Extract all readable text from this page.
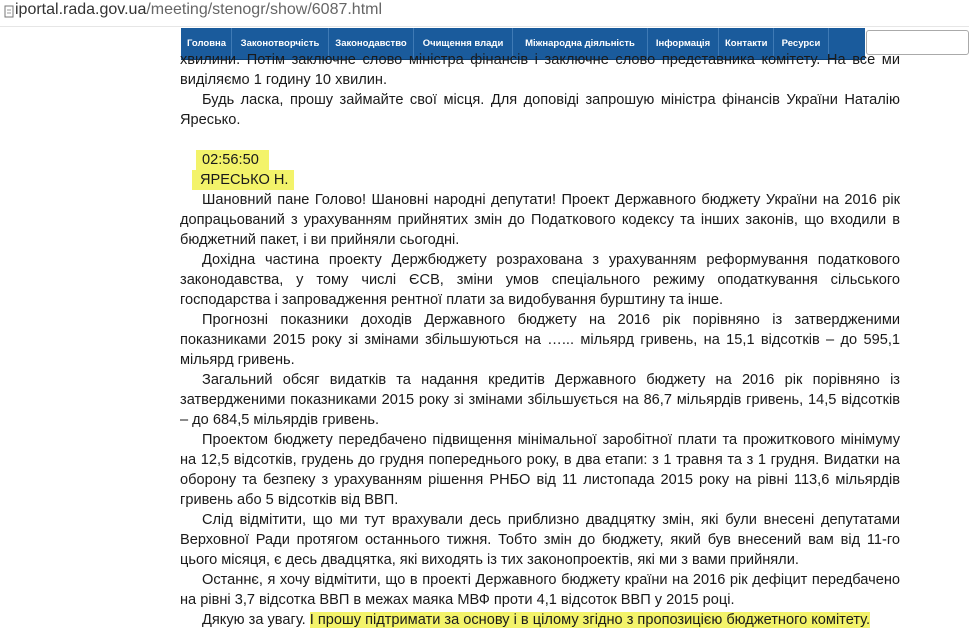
iportal.rada.gov.ua/meeting/stenogr/show/6087.html
Головна	Законотворчість	Законодавство	Очищення влади	Міжнародна діяльність	Інформація	Контакти	Ресурси

хвилини. Потім заключне слово міністра фінансів і заключне слово представника комітету. На все ми виділяємо 1 годину 10 хвилин.

Будь ласка, прошу займайте свої місця. Для доповіді запрошую міністра фінансів України Наталію Яресько.

02:56:50
ЯРЕСЬКО Н.

Шановний пане Голово! Шановні народні депутати! Проект Державного бюджету України на 2016 рік допрацьований з урахуванням прийнятих змін до Податкового кодексу та інших законів, що входили в бюджетний пакет, і ви прийняли сьогодні.

Дохідна частина проекту Держбюджету розрахована з урахуванням реформування податкового законодавства, у тому числі ЄСВ, зміни умов спеціального режиму оподаткування сільського господарства і запровадження рентної плати за видобування бурштину та інше.

Прогнозні показники доходів Державного бюджету на 2016 рік порівняно із затвердженими показниками 2015 року зі змінами збільшуються на …... мільярд гривень, на 15,1 відсотків – до 595,1 мільярд гривень.

Загальний обсяг видатків та надання кредитів Державного бюджету на 2016 рік порівняно із затвердженими показниками 2015 року зі змінами збільшується на 86,7 мільярдів гривень, 14,5 відсотків – до 684,5 мільярдів гривень.

Проектом бюджету передбачено підвищення мінімальної заробітної плати та прожиткового мінімуму на 12,5 відсотків, грудень до грудня попереднього року, в два етапи: з 1 травня та з 1 грудня. Видатки на оборону та безпеку з урахуванням рішення РНБО від 11 листопада 2015 року на рівні 113,6 мільярдів гривень або 5 відсотків від ВВП.

Слід відмітити, що ми тут врахували десь приблизно двадцятку змін, які були внесені депутатами Верховної Ради протягом останнього тижня. Тобто змін до бюджету, який був внесений вам від 11-го цього місяця, є десь двадцятка, які виходять із тих законопроектів, які ми з вами прийняли.

Останнє, я хочу відмітити, що в проекті Державного бюджету країни на 2016 рік дефіцит передбачено на рівні 3,7 відсотка ВВП в межах маяка МВФ проти 4,1 відсоток ВВП у 2015 році.

Дякую за увагу. І прошу підтримати за основу і в цілому згідно з пропозицією бюджетного комітету.
